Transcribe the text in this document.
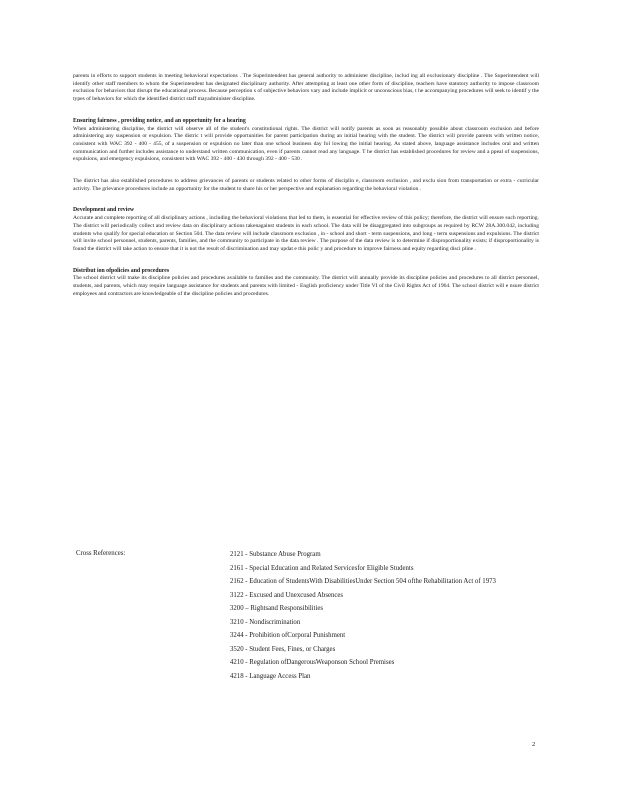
parents in efforts to support students in meeting behavioral expectations . The Superintendent has general authority to administer discipline, includ ing all exclusionary discipline . The Superintendent will identify other staff members to whom the Superintendent has designated disciplinary authority. After attempting at least one other form of discipline, teachers have statutory authority to impose classroom exclusion for behaviors that disrupt the educational process. Because perception s of subjective behaviors vary and include implicit or unconscious bias, t he accompanying procedures will seek to identif y the types of behaviors for which the identified district staff mayadminister discipline.

Ensuring fairness , providing notice, and an opportunity for a hearing

When administering discipline, the district will observe all of the student's constitutional rights. The district will notify parents as soon as reasonably possible about classroom exclusion and before administering any suspension or expulsion. The distric t will provide opportunities for parent participation during an initial hearing with the student. The district will provide parents with written notice, consistent with WAC 392 - 400 - 455, of a suspension or expulsion no later than one school business day fol lowing the initial hearing. As stated above, language assistance includes oral and written communication and further includes assistance to understand written communication, even if parents cannot read any language. T he district has established procedures for review and a ppeal of suspensions, expulsions, and emergency expulsions, consistent with WAC 392 - 400 - 430 through 392 - 400 - 530 .

The district has also established procedures to address grievances of parents or students related to other forms of disciplin e, classroom exclusion , and exclu sion from transportation or extra - curricular activity. The grievance procedures include an opportunity for the student to share his or her perspective and explanation regarding the behavioral violation .

Development and review

Accurate and complete reporting of all disciplinary actions , including the behavioral violations that led to them, is essential for effective review of this policy; therefore, the district will ensure such reporting. The district will periodically collect and review data on disciplinary actions takenagainst students in each school. The data will be disaggregated into subgroups as required by RCW 28A.300.042, including students who qualify for special education or Section 504. The data review will include classroom exclusion , in - school and short - term suspensions, and long - term suspensions and expulsions. The district will invite school personnel, students, parents, families, and the community to participate in the data review . The purpose of the data review is to determine if disproportionality exists; if disproportionality is found the district will take action to ensure that it is not the result of discrimination and may updat e this polic y and procedure to improve fairness and equity regarding disci pline .

Distribut ion ofpolicies and procedures

The school district will make its discipline policies and procedures available to families and the community. The district will annually provide its discipline policies and procedures to all district personnel, students, and parents, which may require language assistance for students and parents with limited - English proficiency under Title VI of the Civil Rights Act of 1964. The school district will e nsure district employees and contractors are knowledgeable of the discipline policies and procedures.

Cross References:	2121 - Substance Abuse Program
2161 - Special Education and Related Servicesfor Eligible Students
2162 - Education of StudentsWith DisabilitiesUnder Section 504 ofthe Rehabilitation Act of 1973
3122 - Excused and Unexcused Absences
3200 – Rightsand Responsibilities
3210 - Nondiscrimination
3244 - Prohibition ofCorporal Punishment
3520 - Student Fees, Fines, or Charges
4210 - Regulation ofDangerousWeaponson School Premises
4218 - Language Access Plan
2
